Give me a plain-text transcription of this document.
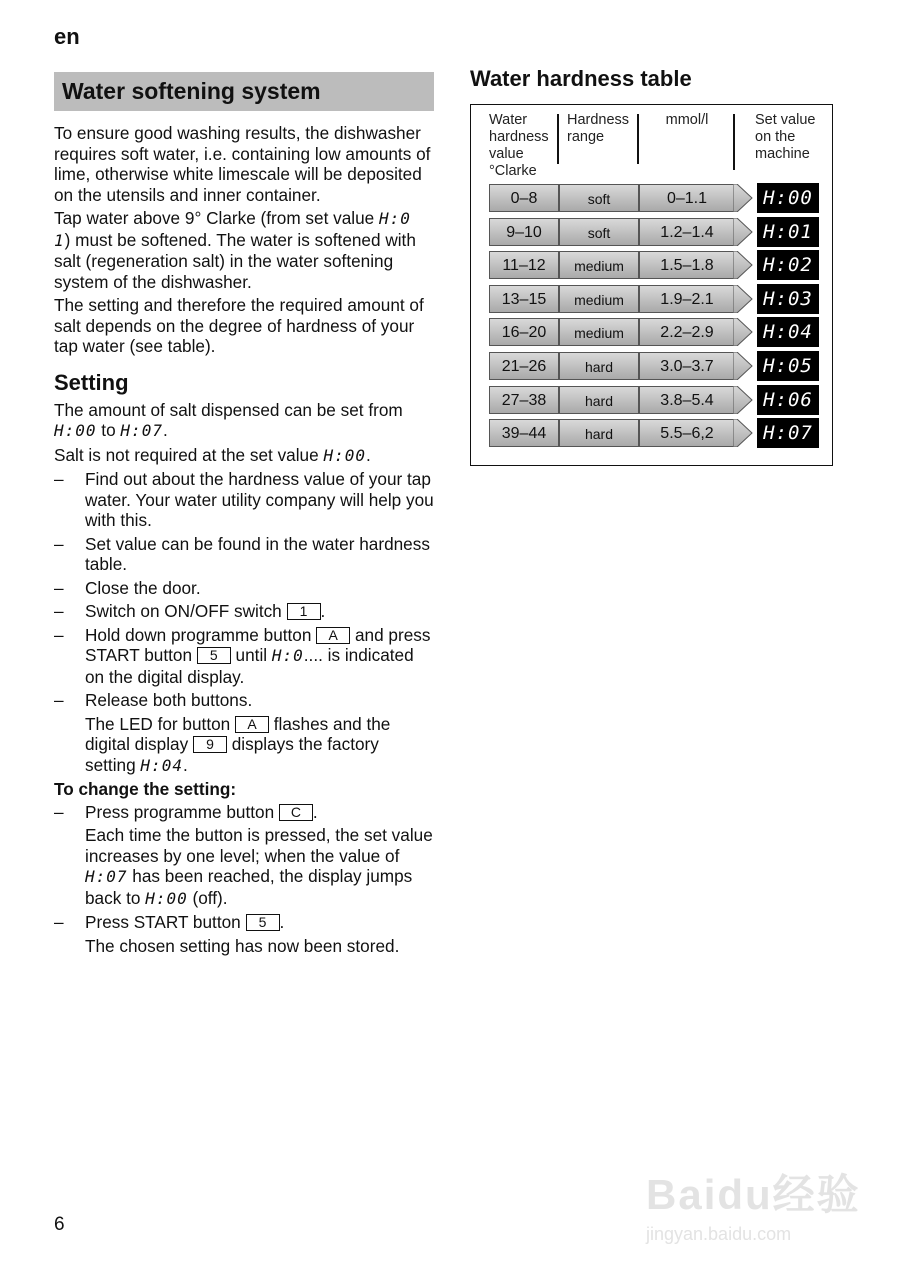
en
Water softening system

To ensure good washing results, the dishwasher requires soft water, i.e. containing low amounts of lime, otherwise white limescale will be deposited on the utensils and inner container.

Tap water above 9° Clarke (from set value H:0 1) must be softened. The water is softened with salt (regeneration salt) in the water softening system of the dishwasher.

The setting and therefore the required amount of salt depends on the degree of hardness of your tap water (see table).

Setting

The amount of salt dispensed can be set from H:00 to H:07.

Salt is not required at the set value H:00.

– Find out about the hardness value of your tap water. Your water utility company will help you with this.
– Set value can be found in the water hardness table.
– Close the door.
– Switch on ON/OFF switch 1 .
– Hold down programme button A and press START button 5 until H:0.... is indicated on the digital display.
– Release both buttons.
The LED for button A flashes and the digital display 9 displays the factory setting H:04.
To change the setting:
– Press programme button C .
Each time the button is pressed, the set value increases by one level; when the value of H:07 has been reached, the display jumps back to H:00 (off).
– Press START button 5 .
The chosen setting has now been stored.
Water hardness table
Water hardness value °Clarke
Hardness range
mmol/l	Set value on the machine
0–8	soft	0–1.1	H:00
9–10	soft	1.2–1.4	H:01
11–12	medium	1.5–1.8	H:02
13–15	medium	1.9–2.1	H:03
16–20	medium	2.2–2.9	H:04
21–26	hard	3.0–3.7	H:05
27–38	hard	3.8–5.4	H:06
39–44	hard	5.5–6,2	H:07
6
Baidu经验
jingyan.baidu.com
